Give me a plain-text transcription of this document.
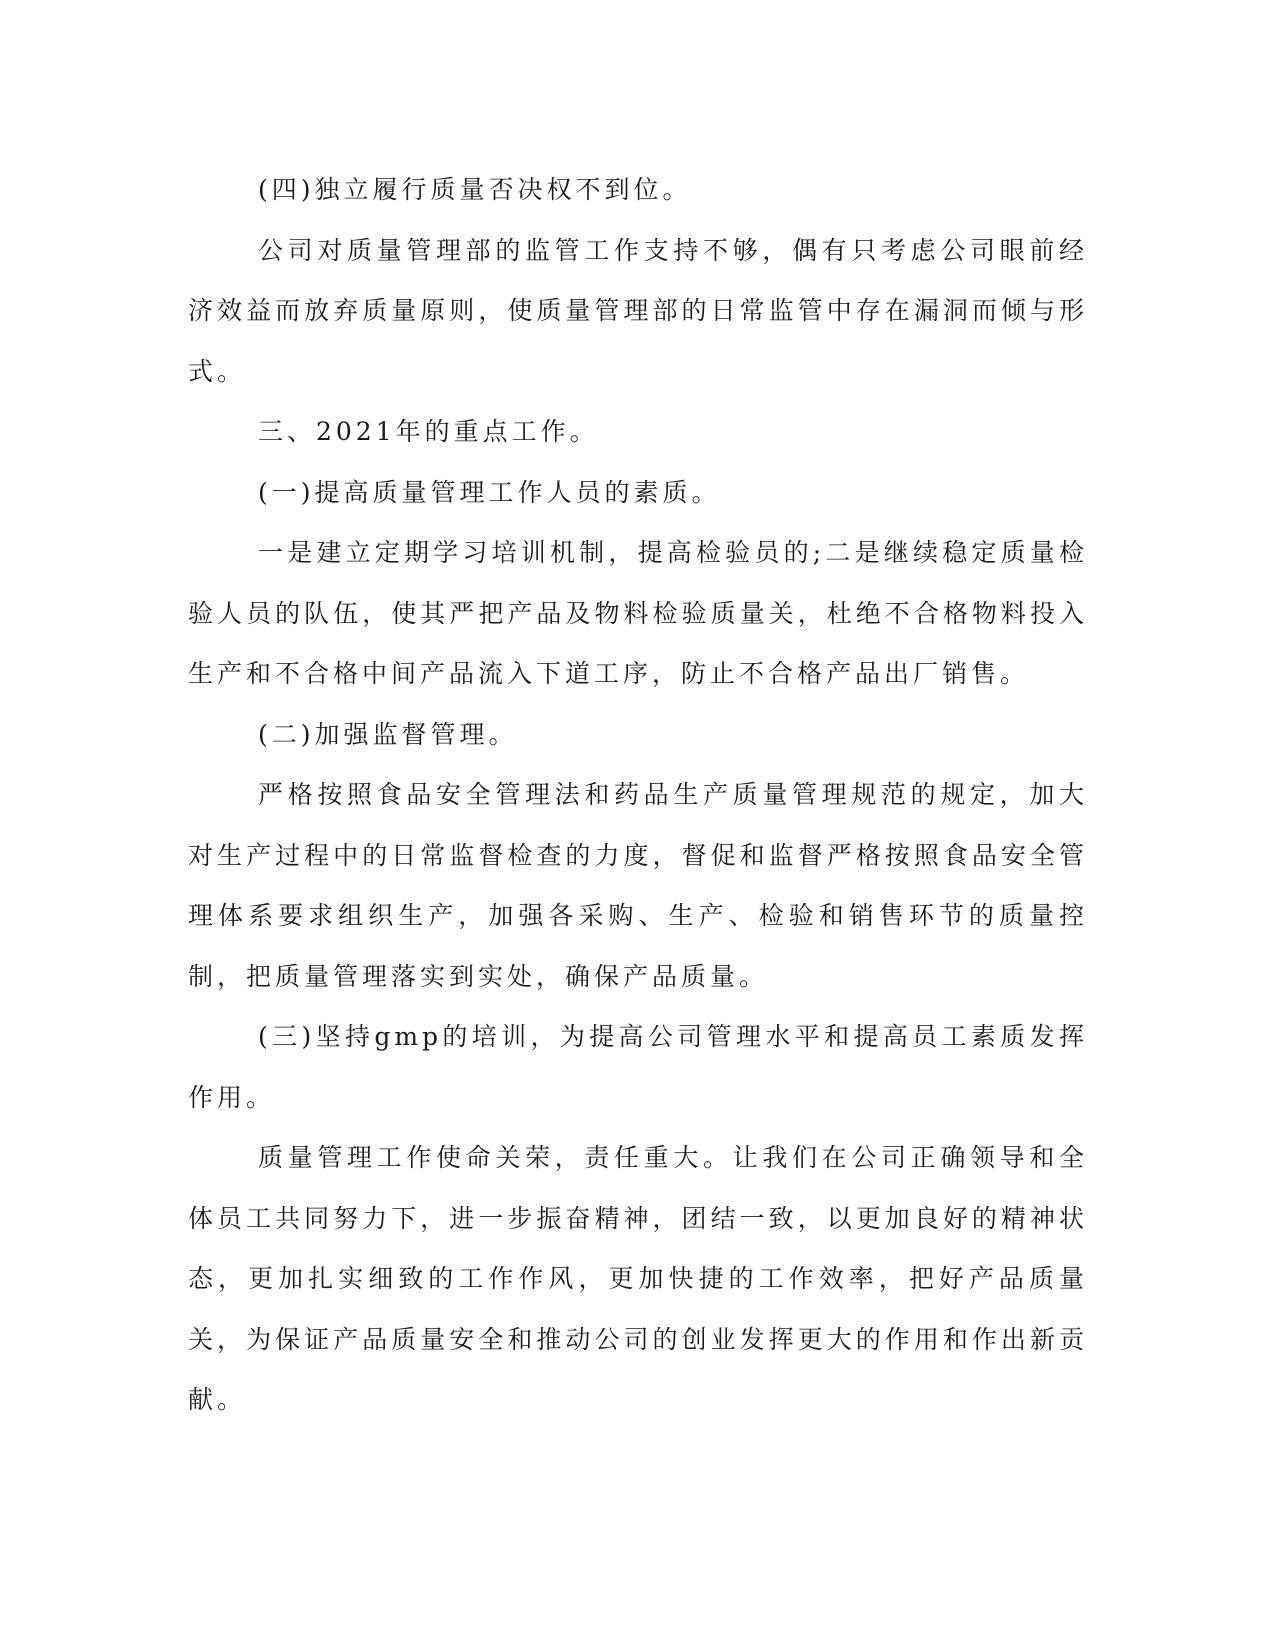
(四)独立履行质量否决权不到位。

公司对质量管理部的监管工作支持不够，偶有只考虑公司眼前经济效益而放弃质量原则，使质量管理部的日常监管中存在漏洞而倾与形式。

三、2021年的重点工作。

(一)提高质量管理工作人员的素质。

一是建立定期学习培训机制，提高检验员的;二是继续稳定质量检验人员的队伍，使其严把产品及物料检验质量关，杜绝不合格物料投入生产和不合格中间产品流入下道工序，防止不合格产品出厂销售。

(二)加强监督管理。

严格按照食品安全管理法和药品生产质量管理规范的规定，加大对生产过程中的日常监督检查的力度，督促和监督严格按照食品安全管理体系要求组织生产，加强各采购、生产、检验和销售环节的质量控制，把质量管理落实到实处，确保产品质量。

(三)坚持gmp的培训，为提高公司管理水平和提高员工素质发挥作用。

质量管理工作使命关荣，责任重大。让我们在公司正确领导和全体员工共同努力下，进一步振奋精神，团结一致，以更加良好的精神状态，更加扎实细致的工作作风，更加快捷的工作效率，把好产品质量关，为保证产品质量安全和推动公司的创业发挥更大的作用和作出新贡献。
